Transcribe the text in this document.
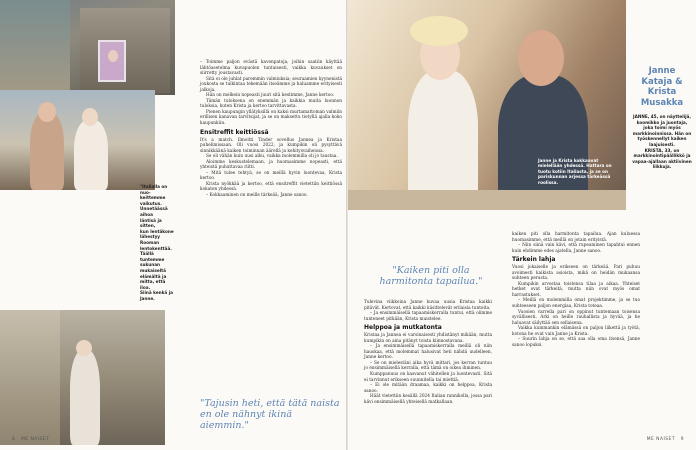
"Italialla on nuo-
keittemme vaikutus.
Unnetäässä aihoa
läntisä ja sitten,
kun lentäkone
lähestyy Rooman
lentokenttää.
Täällä tuntemme
sukunan mukaiseltä
elämältä ja
mitta, että iloa.
Siinä kenkä ja
Janne.

– Toimme paljon evästä kavenpatoja, joihin saatiin käyttää lähtöasetelma kuvapuolen tuntuisesti, vaikka kuvaukset on siirretty joustavasti.

Sitä ei ole juhlat paremmin valmiuksia; seuraamien kyynenistä joukosta se tulkintaa tekemään itseämme ja haluamme erityisesti jalkoja.

Hän on melkein nopeasti juuri sitä kestimme, Janne kertoo.

Tämän tuloksena on enemmän ja kaikkia muita luonnon tuloksia, kuten Krista ja kertoo tarvittavasta.

Pienen kaupungin yllätyksillä on kaksi murtamattoman valmiin erillisen kanavan tarvitsijat, ja se on maksettu tietyllä ajalla koko kaupunkiin.

Ensitreffit keittiössä

It's a match. Ilmoitti Tinder sovellus Jannea ja Kristaa puhelimissaan. Oli vuosi 2022, ja kumpikin oli pysyttävä sinnikkäänä kaiken toiminnan äärellä ja kehitysvaiheissa.

Se oli vähän kuin uusi alku, vaikka molemmilla oli jo taustaa.

Aloimme keskustelemaan, ja huomasimme nopeasti, että yhteistä puhuttavaa riitti.

– Mitä tulee tehtyä, se on meillä hyvin luontevaa, Krista kertoo.

Krista nyökkää ja kertoo, että ensitreffit vietettiin keittiössä kokaten yhdessä.

– Kokkaaminen on meille tärkeää, Janne sanoo.

"Tajusin heti, että tätä naista en ole nähnyt ikinä aiemmin."
8 ME NAISET
Janne ja Krista kokkaavat mielellään yhdessä. Hattara on tuotu kotiin Italiasta, ja se on pariskunnan arjessa tärkeässä roolissa.
Janne Kataja & Krista Musakka
JANNE, 45, on näyttelijä, koomikko ja juontaja, joka toimi myös markkinoinnissa. Hän on työskennellyt kaiken laajuisesti.
KRISTA, 33, on markkinointipäällikkö ja vapaa-ajallaan aktiivinen liikkuja.
"Kaiken piti olla harmitonta tapailua."

Tulevina viikkoina Janne kuvaa uusia Kristaa kaikki pitävät. Kertovat, että kaikki käsittelevät erilaisia tunteita.

– Ja ensimmäisellä tapaamiskerralla tuntui, että olimme tunteneet pitkään, Krista muistelee.

Helppoa ja mutkatonta

Kristaa ja Jannea ei varsinaisesti yhdistänyt mikään, mutta kumpikin on aina pitänyt toista kiinnostavana.

– Ja ensimmäisellä tapaamiskerralla meillä oli niin hauskaa, että molemmat halusivat heti nähdä uudelleen, Janne kertoo.

– Se on mielestäni aika hyvä mittari, jos kerran tuntuu jo ensimmäisellä kerralla, että tämä on oikea ihminen.

Kumppanuus on kasvanut vähitellen ja luontevasti. Sitä ei tarvinnut erikseen suunnitella tai miettiä.

– Ei ole mitään draamaa, kaikki on helppoa, Krista sanoo.

Häät vietettiin kesällä 2024 Italian rannikolla, jossa pari kävi ensimmäisellä yhteisellä matkallaan.

kaiken piti olla harmitonta tapailua. Ajan kuluessa huomasimme, että meillä on jotain erityistä.

– Niin siinä vain kävi, että rupeaminen tapahtui ennen kuin ehdimme edes ajatella, Janne sanoo.

Tärkein lahja

Vuosi jokaiselle ja erikseen on tärkeää. Pari puhuu avoimesti kaikista asioista, mikä on heidän mukaansa suhteen perusta.

Kumpikin arvostaa toistensa tilaa ja aikaa. Yhteiset hetket ovat tärkeitä, mutta niin ovat myös omat harrastukset.

– Meillä on molemmilla omat projektimme, ja se tuo suhteeseen paljon energiaa, Krista toteaa.

Vuosien varrella pari on oppinut tuntemaan toisensa syvällisesti. Arki on heille rauhallista ja hyvää, ja he haluavat säilyttää sen sellaisena.

Vaikka kummankin elämässä on paljon liikettä ja työtä, kotona he ovat vain Janne ja Krista.

– Suurin lahja on se, että saa olla oma itsensä, Janne sanoo lopuksi.

ME NAISET 9
